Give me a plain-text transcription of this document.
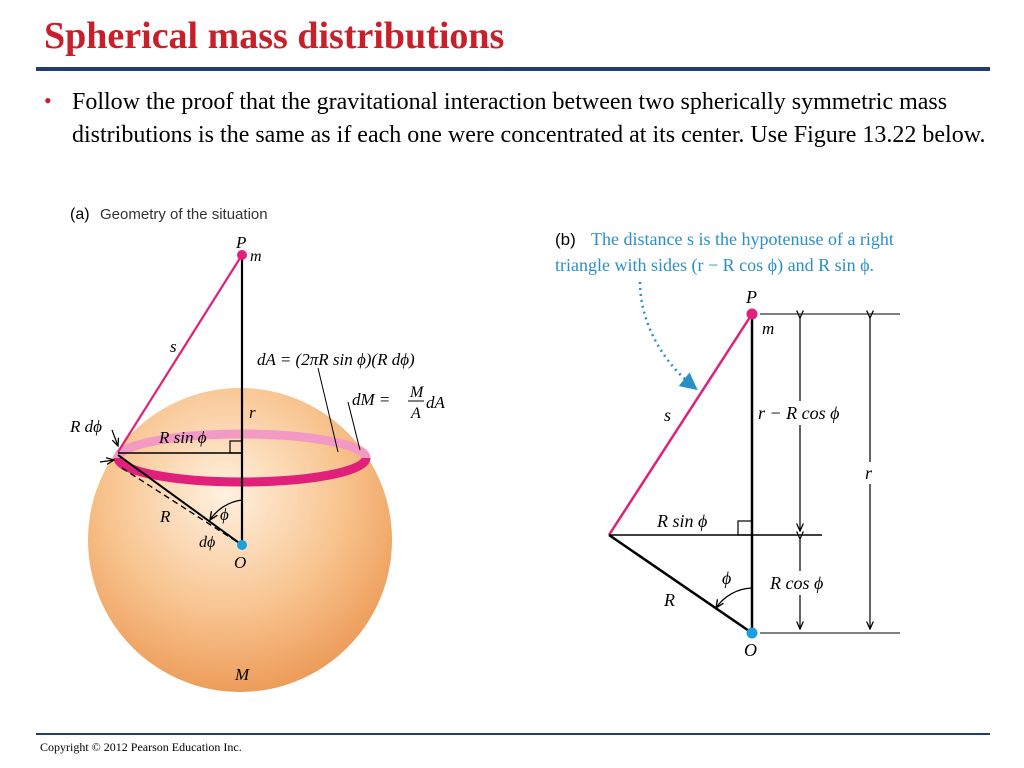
Spherical mass distributions
• Follow the proof that the gravitational interaction between two spherically symmetric mass distributions is the same as if each one were concentrated at its center. Use Figure 13.22 below.
(a) Geometry of the situation
P
m
s
r
dA = (2πR sin ϕ)(R dϕ)
dM = M
A
dA
R dϕ
R sin ϕ
R	ϕ
dϕ
O
M
(b) The distance s is the hypotenuse of a right
triangle with sides (r − R cos ϕ) and R sin ϕ.
P
m
s	r − R cos ϕ
r
R sin ϕ
ϕ
R
R cos ϕ
O
Copyright © 2012 Pearson Education Inc.
